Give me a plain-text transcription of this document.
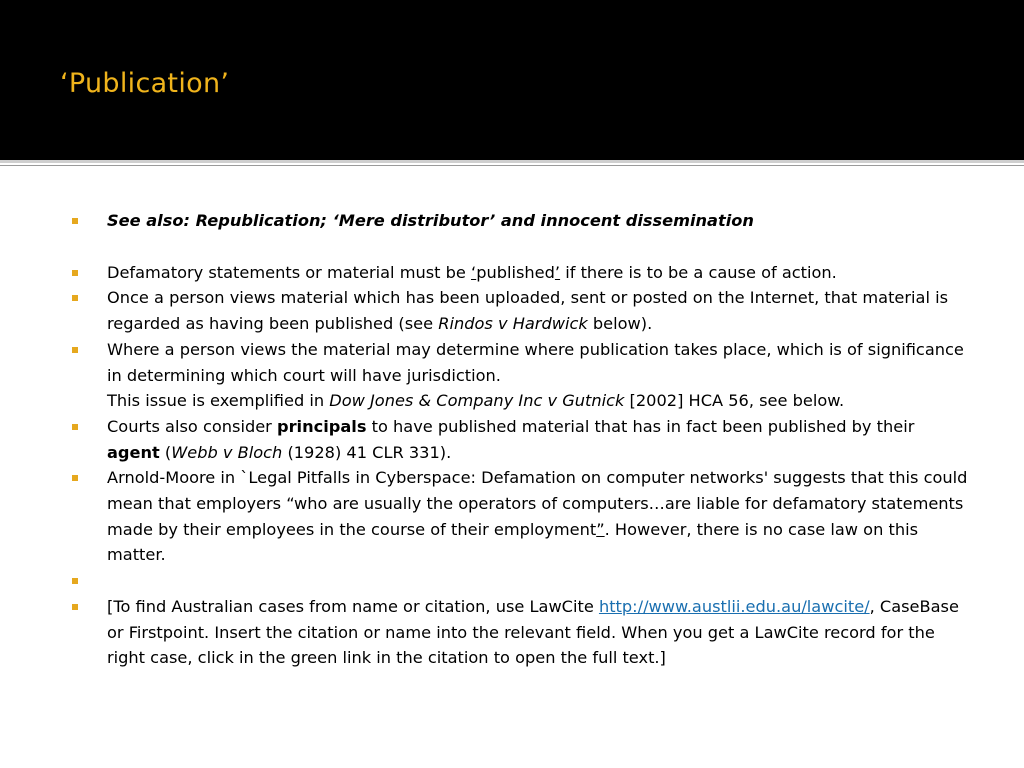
‘Publication’
See also: Republication; ‘Mere distributor’ and innocent dissemination
Defamatory statements or material must be ‘published’ if there is to be a cause of action.
Once a person views material which has been uploaded, sent or posted on the Internet, that material is regarded as having been published (see Rindos v Hardwick below).
Where a person views the material may determine where publication takes place, which is of significance in determining which court will have jurisdiction.
This issue is exemplified in Dow Jones & Company Inc v Gutnick [2002] HCA 56, see below.
Courts also consider principals to have published material that has in fact been published by their agent (Webb v Bloch (1928) 41 CLR 331).
Arnold-Moore in `Legal Pitfalls in Cyberspace: Defamation on computer networks' suggests that this could mean that employers “who are usually the operators of computers…are liable for defamatory statements made by their employees in the course of their employment”. However, there is no case law on this matter.
[To find Australian cases from name or citation, use LawCite http://www.austlii.edu.au/lawcite/, CaseBase or Firstpoint. Insert the citation or name into the relevant field. When you get a LawCite record for the right case, click in the green link in the citation to open the full text.]
